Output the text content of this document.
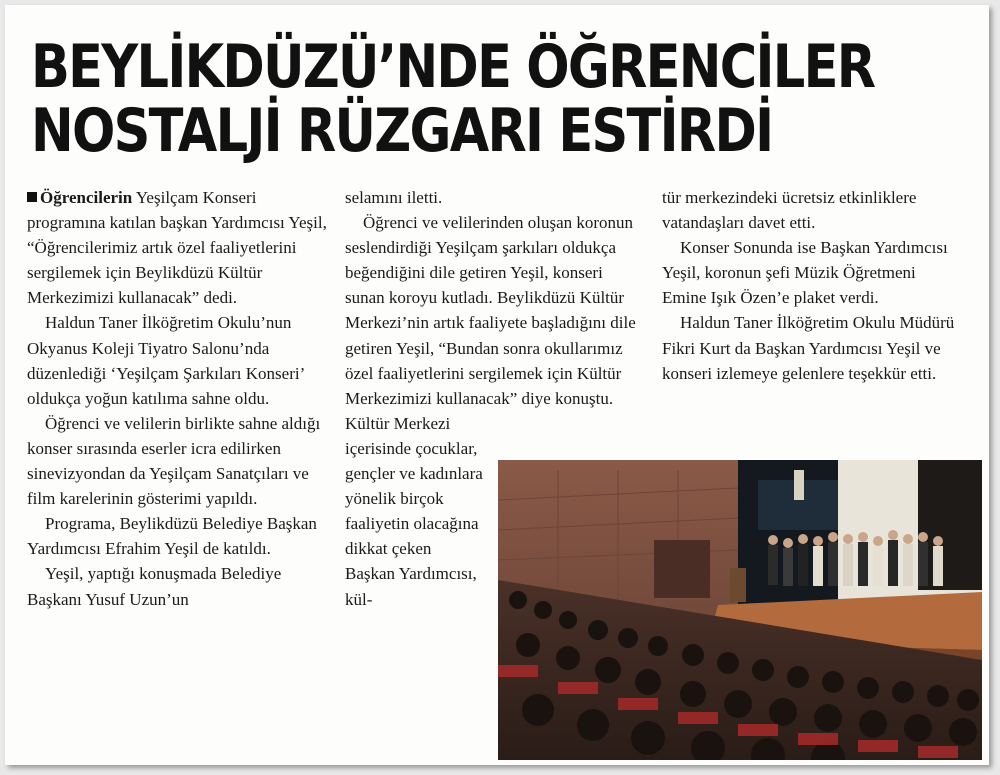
BEYLİKDÜZÜ’NDE ÖĞRENCİLER
NOSTALJİ RÜZGARI ESTİRDİ

Öğrencilerin Yeşilçam Konseri programına katılan başkan Yardımcısı Yeşil, “Öğrencilerimiz artık özel faaliyetlerini sergilemek için Beylikdüzü Kültür Merkezimizi kullanacak” dedi.

Haldun Taner İlköğretim Okulu’nun Okyanus Koleji Tiyatro Salonu’nda düzenlediği ‘Yeşilçam Şarkıları Konseri’ oldukça yoğun katılıma sahne oldu.

Öğrenci ve velilerin birlikte sahne aldığı konser sırasında eserler icra edilirken sinevizyondan da Yeşilçam Sanatçıları ve film karelerinin gösterimi yapıldı.

Programa, Beylikdüzü Belediye Başkan Yardımcısı Efrahim Yeşil de katıldı.

Yeşil, yaptığı konuşmada Belediye Başkanı Yusuf Uzun’un

selamını iletti.

Öğrenci ve velilerinden oluşan koronun seslendirdiği Yeşilçam şarkıları oldukça beğendiğini dile getiren Yeşil, konseri sunan koroyu kutladı. Beylikdüzü Kültür Merkezi’nin artık faaliyete başladığını dile getiren Yeşil, “Bundan sonra okullarımız özel faaliyetlerini sergilemek için Kültür Merkezimizi kullanacak” diye konuştu.

Kültür Merkezi içerisinde çocuklar, gençler ve kadınlara yönelik birçok faaliyetin olacağına dikkat çeken Başkan Yardımcısı, kül-

tür merkezindeki ücretsiz etkinliklere vatandaşları davet etti.

Konser Sonunda ise Başkan Yardımcısı Yeşil, koronun şefi Müzik Öğretmeni Emine Işık Özen’e plaket verdi.

Haldun Taner İlköğretim Okulu Müdürü Fikri Kurt da Başkan Yardımcısı Yeşil ve konseri izlemeye gelenlere teşekkür etti.
